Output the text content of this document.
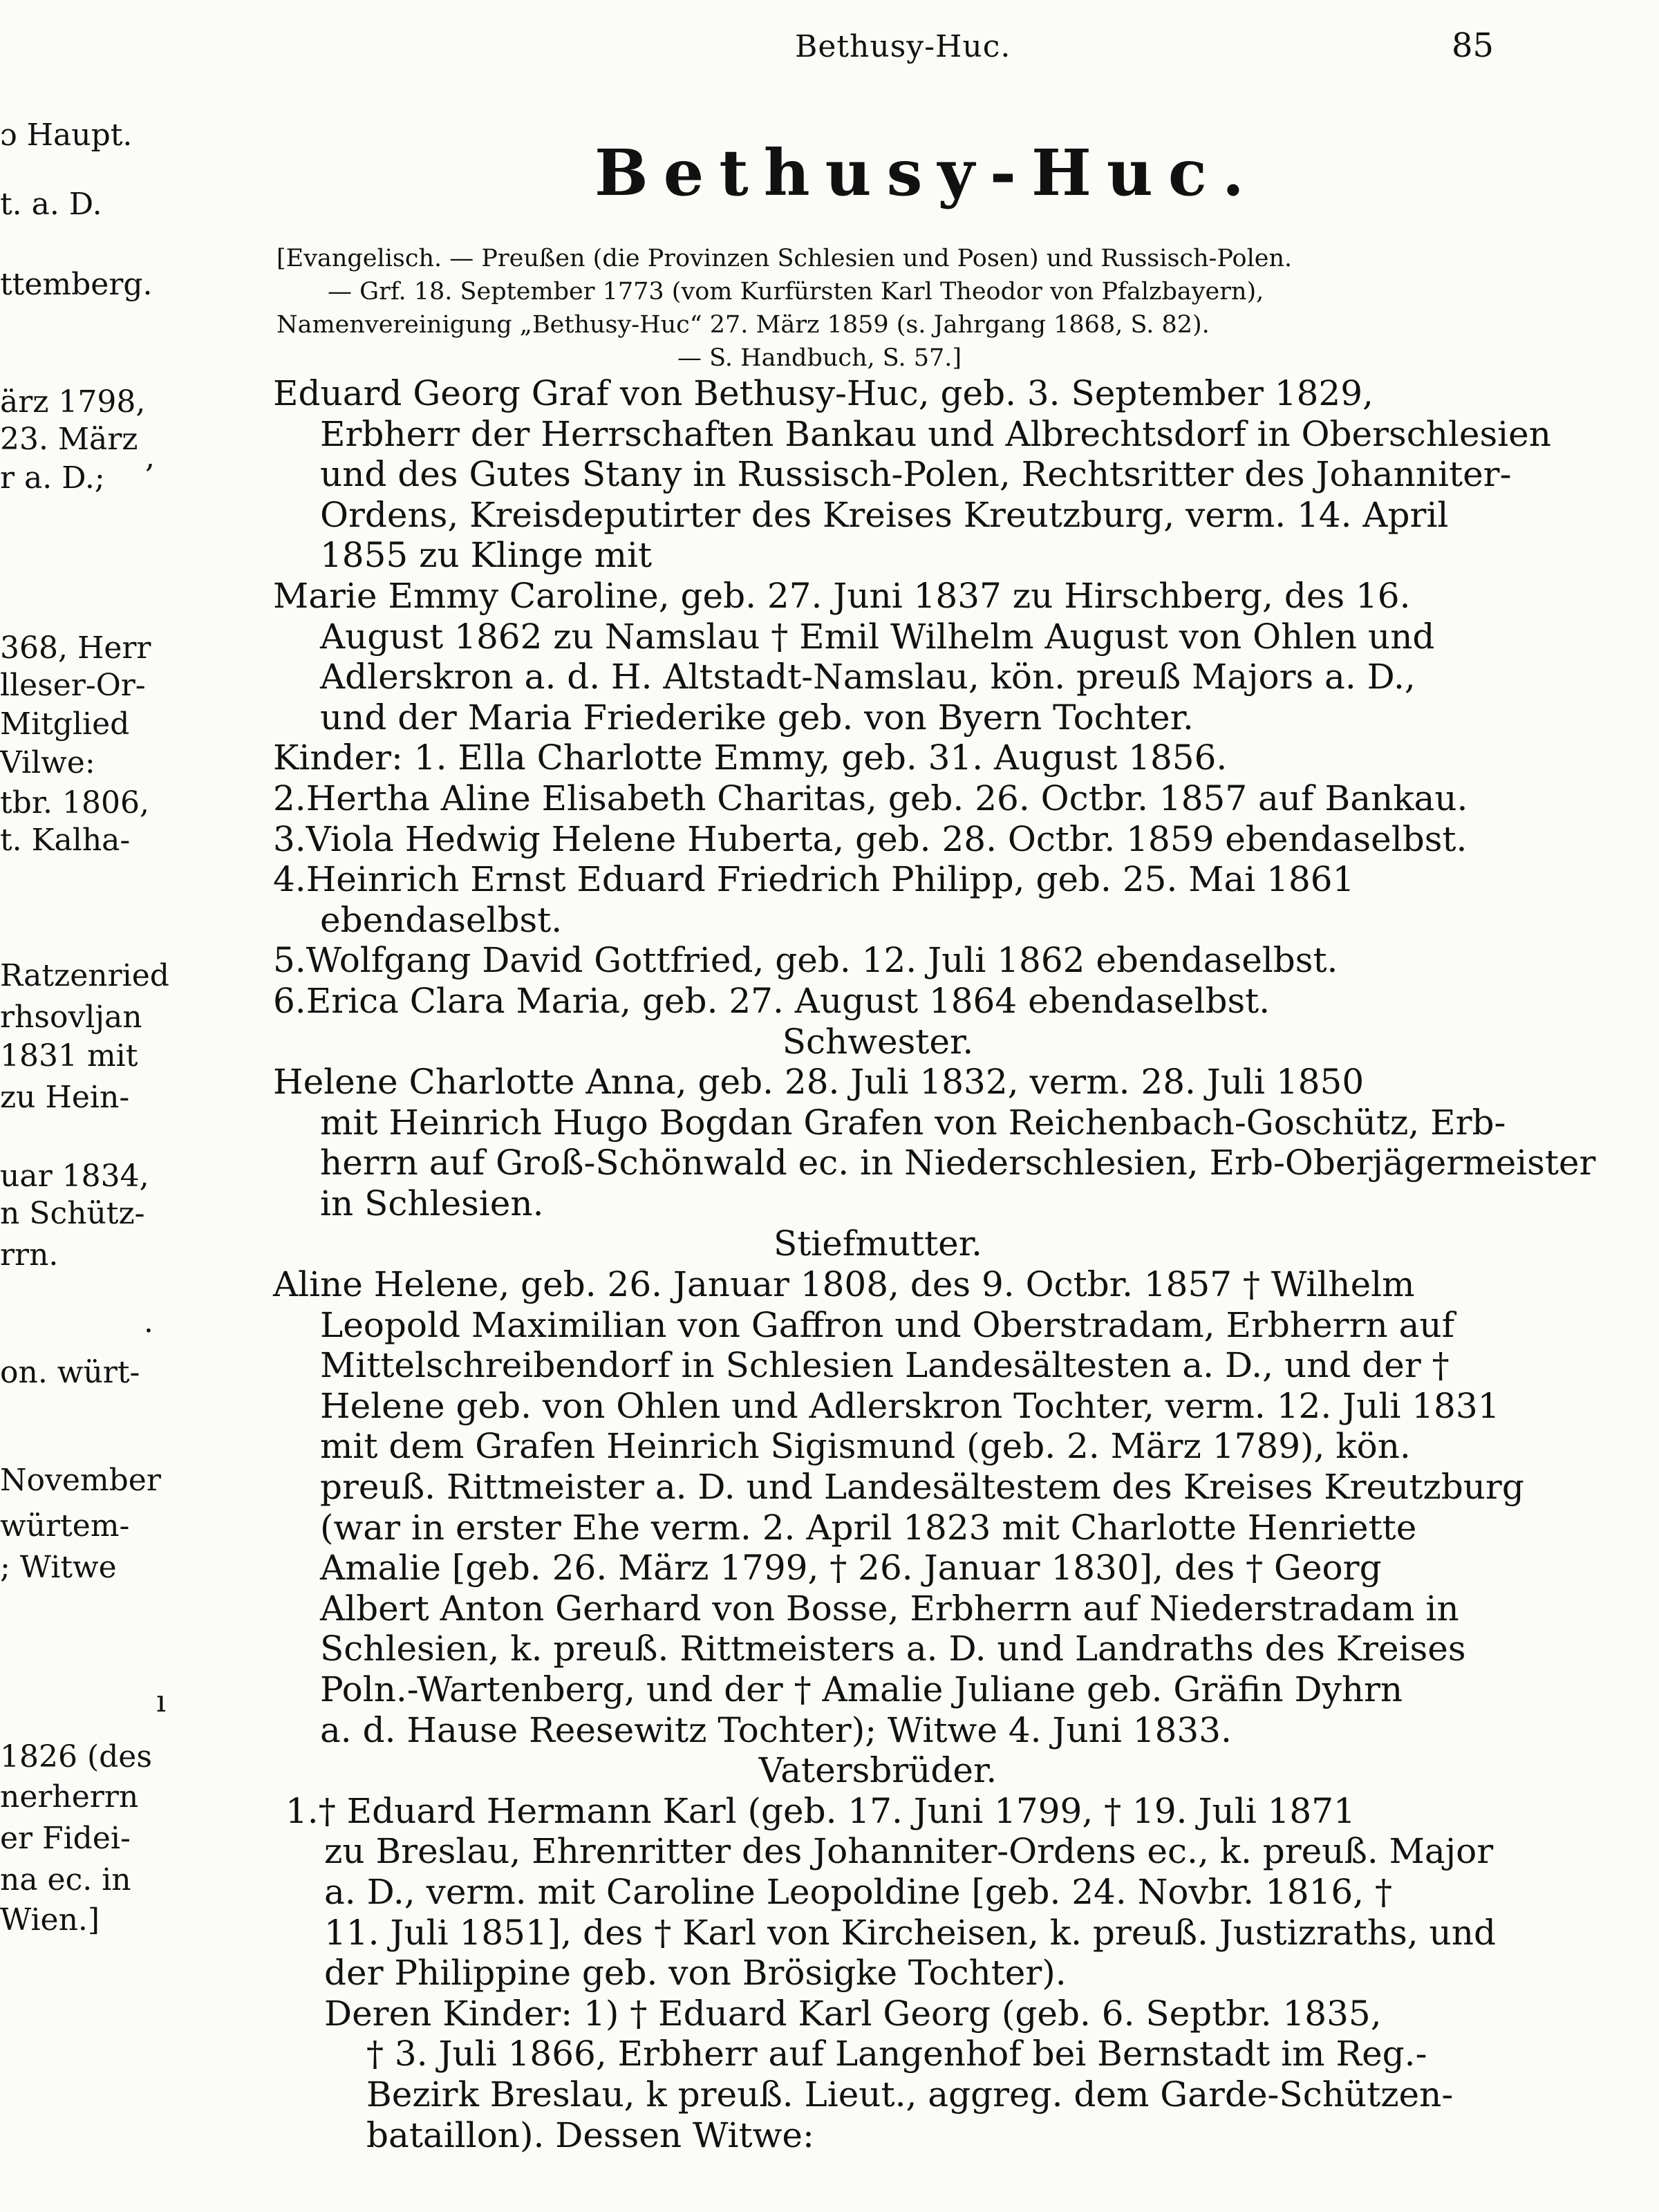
Bethusy-Huc.	85
ɔ Haupt.
t. a. D.
ttemberg.
ärz 1798,
23. März
r a. D.;
368, Herr
lleser-Or-
Mitglied
Vilwe:
tbr. 1806,
t. Kalha-
Ratzenried
rhsovljan
1831 mit
zu Hein-
uar 1834,
n Schütz-
rrn.
on. würt-
November
würtem-
; Witwe
1826 (des
nerherrn
er Fidei-
na ec. in
Wien.]
,
·
ı
Bethusy-Huc.
[Evangelisch. — Preußen (die Provinzen Schlesien und Posen) und Russisch-Polen.
— Grf. 18. September 1773 (vom Kurfürsten Karl Theodor von Pfalzbayern),
Namenvereinigung „Bethusy-Huc“ 27. März 1859 (s. Jahrgang 1868, S. 82).
— S. Handbuch, S. 57.]
Eduard Georg Graf von Bethusy-Huc, geb. 3. September 1829,
Erbherr der Herrschaften Bankau und Albrechtsdorf in Oberschlesien
und des Gutes Stany in Russisch-Polen, Rechtsritter des Johanniter-
Ordens, Kreisdeputirter des Kreises Kreutzburg, verm. 14. April
1855 zu Klinge mit
Marie Emmy Caroline, geb. 27. Juni 1837 zu Hirschberg, des 16.
August 1862 zu Namslau † Emil Wilhelm August von Ohlen und
Adlerskron a. d. H. Altstadt-Namslau, kön. preuß Majors a. D.,
und der Maria Friederike geb. von Byern Tochter.
Kinder: 1. Ella Charlotte Emmy, geb. 31. August 1856.
2.Hertha Aline Elisabeth Charitas, geb. 26. Octbr. 1857 auf Bankau.
3.Viola Hedwig Helene Huberta, geb. 28. Octbr. 1859 ebendaselbst.
4.Heinrich Ernst Eduard Friedrich Philipp, geb. 25. Mai 1861
ebendaselbst.
5.Wolfgang David Gottfried, geb. 12. Juli 1862 ebendaselbst.
6.Erica Clara Maria, geb. 27. August 1864 ebendaselbst.
Schwester.
Helene Charlotte Anna, geb. 28. Juli 1832, verm. 28. Juli 1850
mit Heinrich Hugo Bogdan Grafen von Reichenbach-Goschütz, Erb-
herrn auf Groß-Schönwald ec. in Niederschlesien, Erb-Oberjägermeister
in Schlesien.
Stiefmutter.
Aline Helene, geb. 26. Januar 1808, des 9. Octbr. 1857 † Wilhelm
Leopold Maximilian von Gaffron und Oberstradam, Erbherrn auf
Mittelschreibendorf in Schlesien Landesältesten a. D., und der †
Helene geb. von Ohlen und Adlerskron Tochter, verm. 12. Juli 1831
mit dem Grafen Heinrich Sigismund (geb. 2. März 1789), kön.
preuß. Rittmeister a. D. und Landesältestem des Kreises Kreutzburg
(war in erster Ehe verm. 2. April 1823 mit Charlotte Henriette
Amalie [geb. 26. März 1799, † 26. Januar 1830], des † Georg
Albert Anton Gerhard von Bosse, Erbherrn auf Niederstradam in
Schlesien, k. preuß. Rittmeisters a. D. und Landraths des Kreises
Poln.-Wartenberg, und der † Amalie Juliane geb. Gräfin Dyhrn
a. d. Hause Reesewitz Tochter); Witwe 4. Juni 1833.
Vatersbrüder.
1.† Eduard Hermann Karl (geb. 17. Juni 1799, † 19. Juli 1871
zu Breslau, Ehrenritter des Johanniter-Ordens ec., k. preuß. Major
a. D., verm. mit Caroline Leopoldine [geb. 24. Novbr. 1816, †
11. Juli 1851], des † Karl von Kircheisen, k. preuß. Justizraths, und
der Philippine geb. von Brösigke Tochter).
Deren Kinder: 1) † Eduard Karl Georg (geb. 6. Septbr. 1835,
† 3. Juli 1866, Erbherr auf Langenhof bei Bernstadt im Reg.-
Bezirk Breslau, k preuß. Lieut., aggreg. dem Garde-Schützen-
bataillon). Dessen Witwe:
